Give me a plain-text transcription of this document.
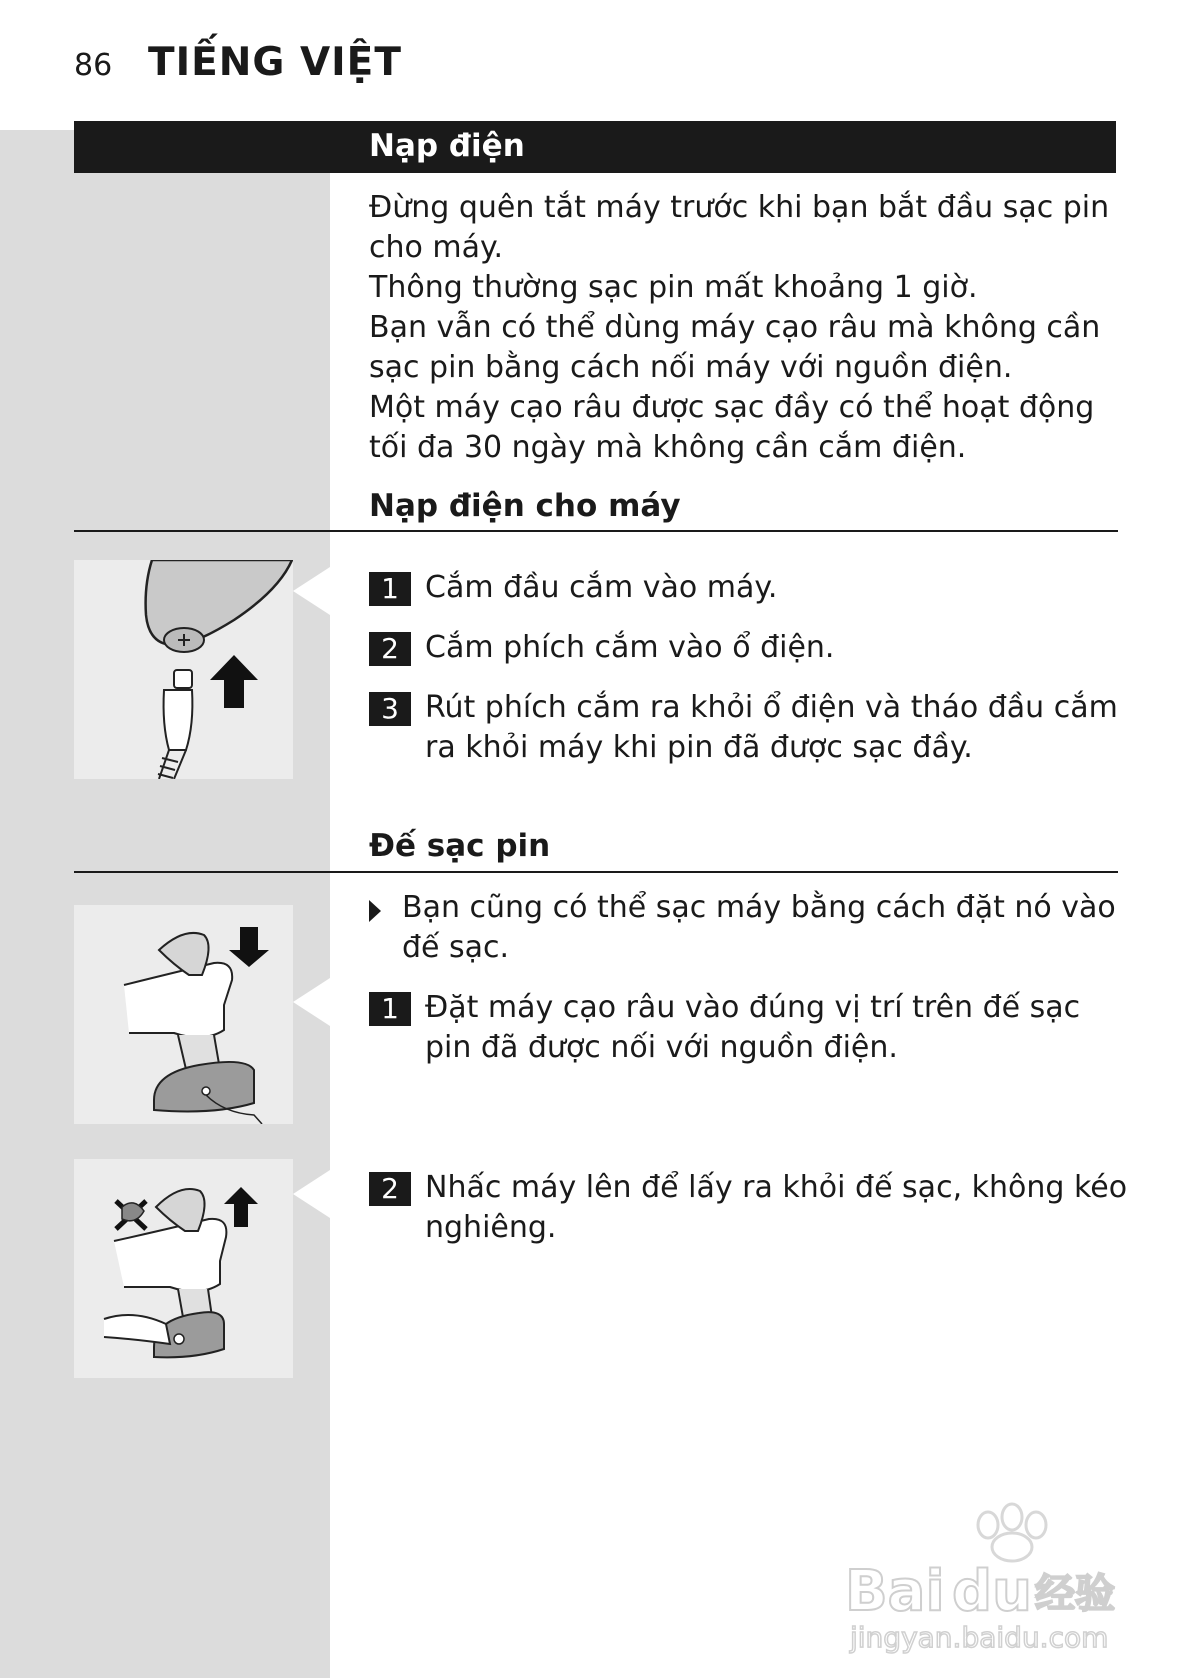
86 TIẾNG VIỆT
Nạp điện

Đừng quên tắt máy trước khi bạn bắt đầu sạc pin cho máy.

Thông thường sạc pin mất khoảng 1 giờ.

Bạn vẫn có thể dùng máy cạo râu mà không cần sạc pin bằng cách nối máy với nguồn điện.

Một máy cạo râu được sạc đầy có thể hoạt động tối đa 30 ngày mà không cần cắm điện.

Nạp điện cho máy
1 Cắm đầu cắm vào máy.
2 Cắm phích cắm vào ổ điện.
3 Rút phích cắm ra khỏi ổ điện và tháo đầu cắm ra khỏi máy khi pin đã được sạc đầy.
Đế sạc pin
Bạn cũng có thể sạc máy bằng cách đặt nó vào đế sạc.
1 Đặt máy cạo râu vào đúng vị trí trên đế sạc pin đã được nối với nguồn điện.
2 Nhấc máy lên để lấy ra khỏi đế sạc, không kéo nghiêng.
Bai du 经验
jingyan.baidu.com
